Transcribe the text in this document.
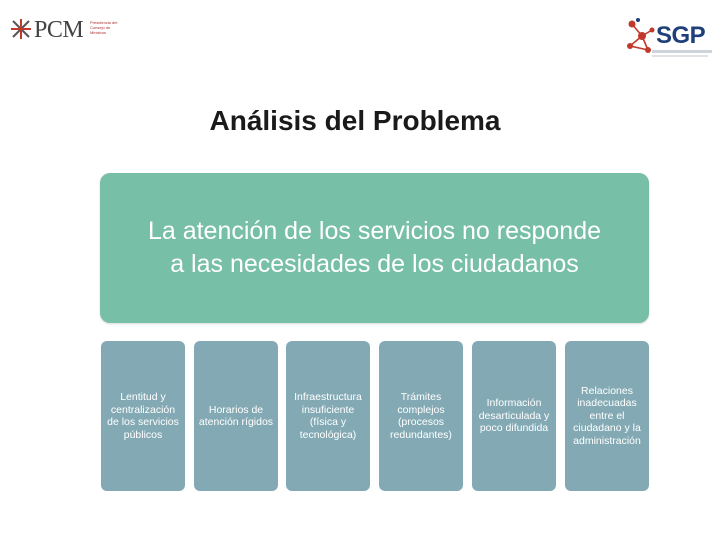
PCM Presidencia del Consejo de Ministros	SGP
Análisis del Problema
La atención de los servicios no responde a las necesidades de los ciudadanos
Lentitud y centralización de los servicios públicos
Horarios de atención rígidos
Infraestructura insuficiente (física y tecnológica)
Trámites complejos (procesos redundantes)
Información desarticulada y poco difundida
Relaciones inadecuadas entre el ciudadano y la administración
